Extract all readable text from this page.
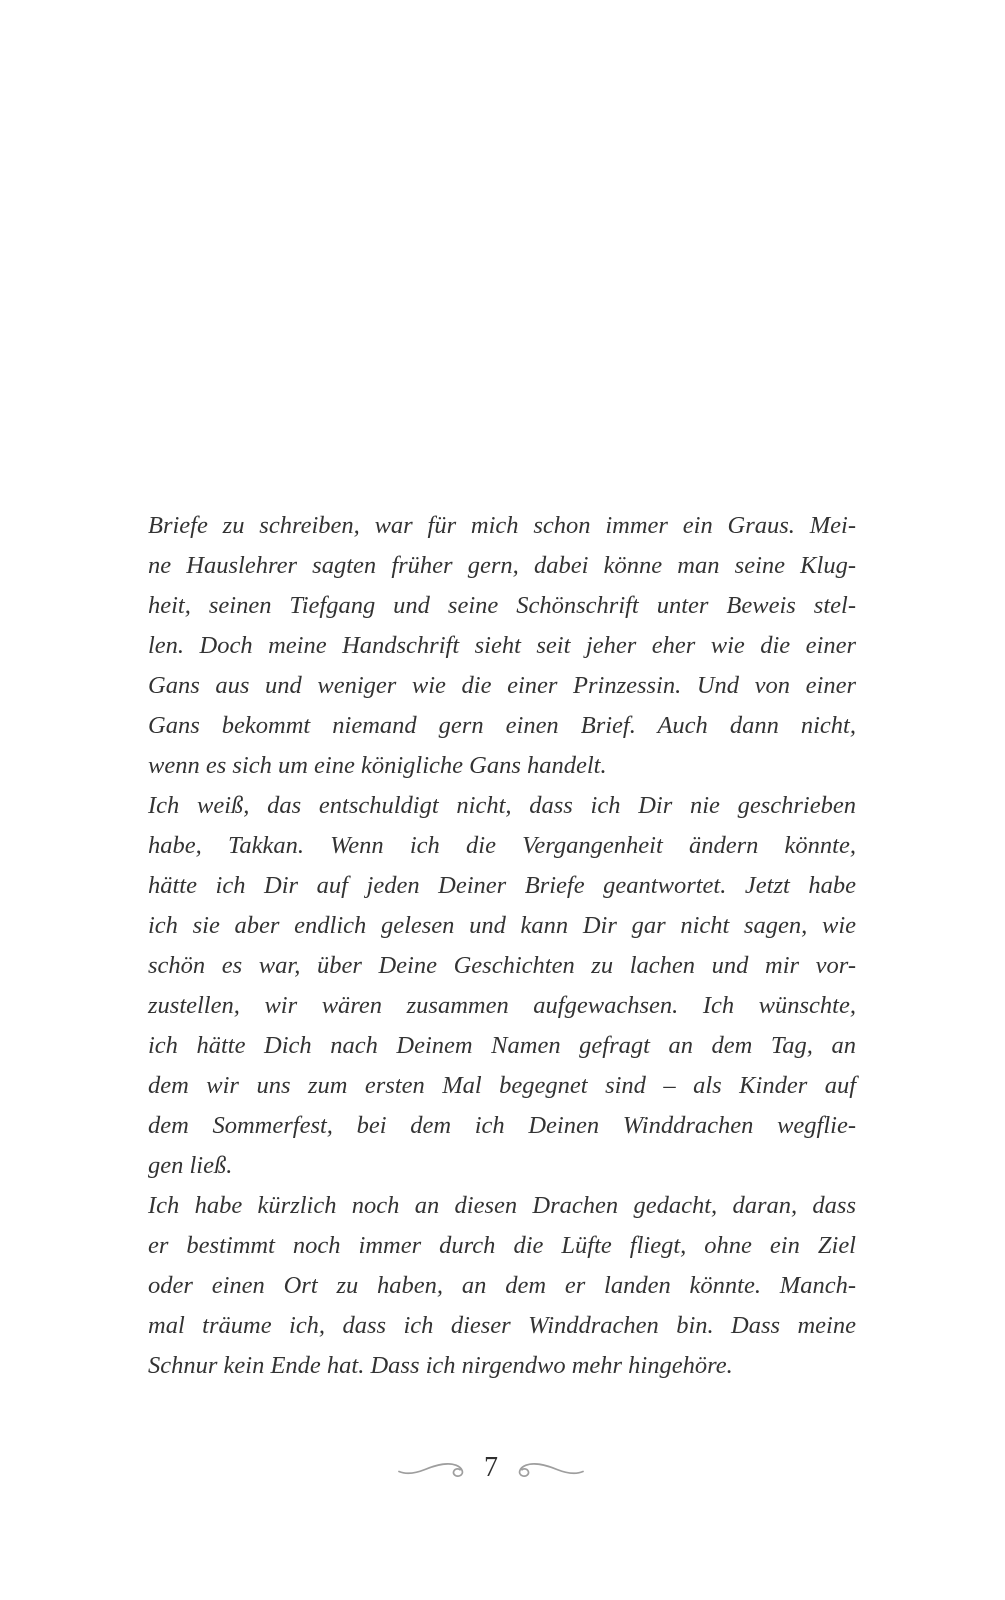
Briefe zu schreiben, war für mich schon immer ein Graus. Mei-
ne Hauslehrer sagten früher gern, dabei könne man seine Klug-
heit, seinen Tiefgang und seine Schönschrift unter Beweis stel-
len. Doch meine Handschrift sieht seit jeher eher wie die einer
Gans aus und weniger wie die einer Prinzessin. Und von einer
Gans bekommt niemand gern einen Brief. Auch dann nicht,
wenn es sich um eine königliche Gans handelt.
Ich weiß, das entschuldigt nicht, dass ich Dir nie geschrieben
habe, Takkan. Wenn ich die Vergangenheit ändern könnte,
hätte ich Dir auf jeden Deiner Briefe geantwortet. Jetzt habe
ich sie aber endlich gelesen und kann Dir gar nicht sagen, wie
schön es war, über Deine Geschichten zu lachen und mir vor-
zustellen, wir wären zusammen aufgewachsen. Ich wünschte,
ich hätte Dich nach Deinem Namen gefragt an dem Tag, an
dem wir uns zum ersten Mal begegnet sind – als Kinder auf
dem Sommerfest, bei dem ich Deinen Winddrachen wegflie-
gen ließ.
Ich habe kürzlich noch an diesen Drachen gedacht, daran, dass
er bestimmt noch immer durch die Lüfte fliegt, ohne ein Ziel
oder einen Ort zu haben, an dem er landen könnte. Manch-
mal träume ich, dass ich dieser Winddrachen bin. Dass meine
Schnur kein Ende hat. Dass ich nirgendwo mehr hingehöre.
7
